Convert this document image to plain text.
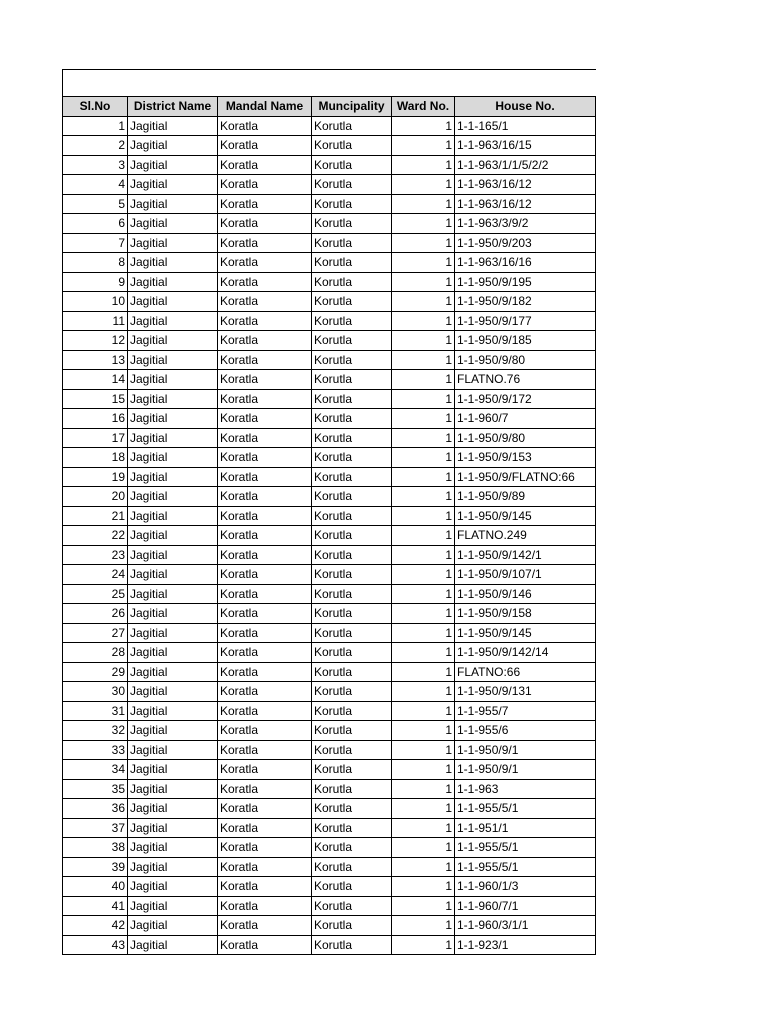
Sl.No	District Name	Mandal Name	Muncipality	Ward No.	House No.
1	Jagitial	Koratla	Korutla	1	1-1-165/1
2	Jagitial	Koratla	Korutla	1	1-1-963/16/15
3	Jagitial	Koratla	Korutla	1	1-1-963/1/1/5/2/2
4	Jagitial	Koratla	Korutla	1	1-1-963/16/12
5	Jagitial	Koratla	Korutla	1	1-1-963/16/12
6	Jagitial	Koratla	Korutla	1	1-1-963/3/9/2
7	Jagitial	Koratla	Korutla	1	1-1-950/9/203
8	Jagitial	Koratla	Korutla	1	1-1-963/16/16
9	Jagitial	Koratla	Korutla	1	1-1-950/9/195
10	Jagitial	Koratla	Korutla	1	1-1-950/9/182
11	Jagitial	Koratla	Korutla	1	1-1-950/9/177
12	Jagitial	Koratla	Korutla	1	1-1-950/9/185
13	Jagitial	Koratla	Korutla	1	1-1-950/9/80
14	Jagitial	Koratla	Korutla	1	FLATNO.76
15	Jagitial	Koratla	Korutla	1	1-1-950/9/172
16	Jagitial	Koratla	Korutla	1	1-1-960/7
17	Jagitial	Koratla	Korutla	1	1-1-950/9/80
18	Jagitial	Koratla	Korutla	1	1-1-950/9/153
19	Jagitial	Koratla	Korutla	1	1-1-950/9/FLATNO:66
20	Jagitial	Koratla	Korutla	1	1-1-950/9/89
21	Jagitial	Koratla	Korutla	1	1-1-950/9/145
22	Jagitial	Koratla	Korutla	1	FLATNO.249
23	Jagitial	Koratla	Korutla	1	1-1-950/9/142/1
24	Jagitial	Koratla	Korutla	1	1-1-950/9/107/1
25	Jagitial	Koratla	Korutla	1	1-1-950/9/146
26	Jagitial	Koratla	Korutla	1	1-1-950/9/158
27	Jagitial	Koratla	Korutla	1	1-1-950/9/145
28	Jagitial	Koratla	Korutla	1	1-1-950/9/142/14
29	Jagitial	Koratla	Korutla	1	FLATNO:66
30	Jagitial	Koratla	Korutla	1	1-1-950/9/131
31	Jagitial	Koratla	Korutla	1	1-1-955/7
32	Jagitial	Koratla	Korutla	1	1-1-955/6
33	Jagitial	Koratla	Korutla	1	1-1-950/9/1
34	Jagitial	Koratla	Korutla	1	1-1-950/9/1
35	Jagitial	Koratla	Korutla	1	1-1-963
36	Jagitial	Koratla	Korutla	1	1-1-955/5/1
37	Jagitial	Koratla	Korutla	1	1-1-951/1
38	Jagitial	Koratla	Korutla	1	1-1-955/5/1
39	Jagitial	Koratla	Korutla	1	1-1-955/5/1
40	Jagitial	Koratla	Korutla	1	1-1-960/1/3
41	Jagitial	Koratla	Korutla	1	1-1-960/7/1
42	Jagitial	Koratla	Korutla	1	1-1-960/3/1/1
43	Jagitial	Koratla	Korutla	1	1-1-923/1
